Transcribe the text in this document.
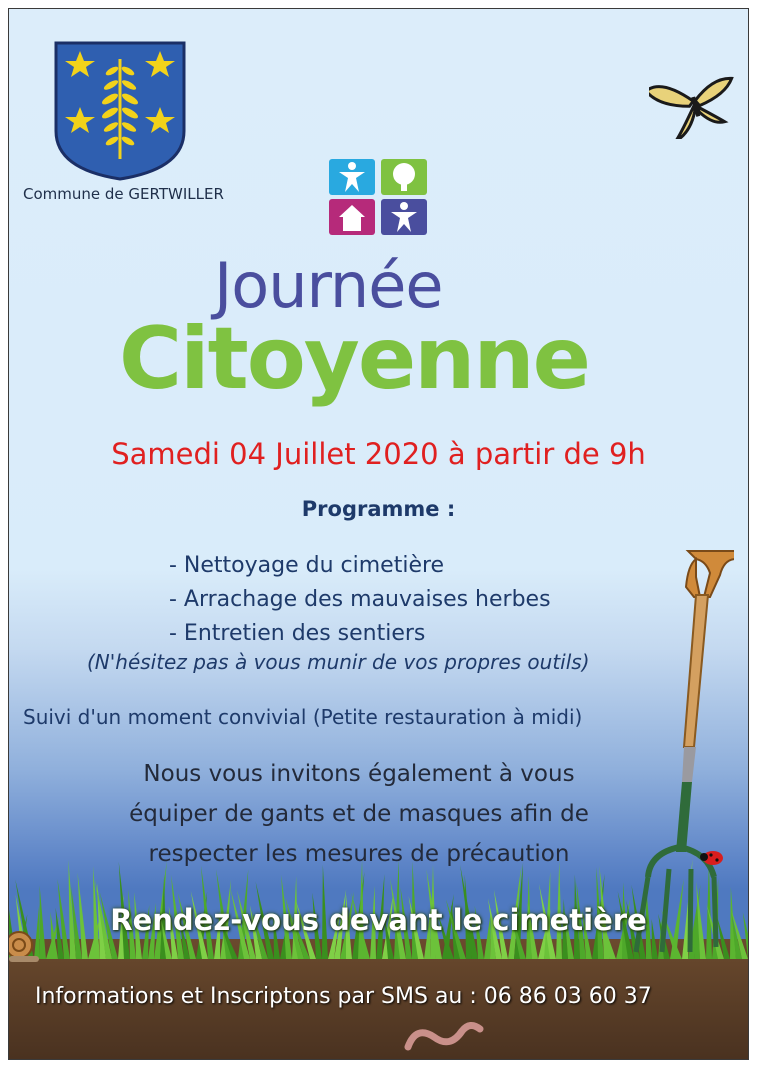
Commune de GERTWILLER
Journée
Citoyenne
Samedi 04 Juillet 2020 à partir de 9h
Programme :
- Nettoyage du cimetière
- Arrachage des mauvaises herbes
- Entretien des sentiers
(N'hésitez pas à vous munir de vos propres outils)
Suivi d'un moment convivial (Petite restauration à midi)
Nous vous invitons également à vous
équiper de gants et de masques afin de
respecter les mesures de précaution
Rendez-vous devant le cimetière
Informations et Inscriptons par SMS au : 06 86 03 60 37
